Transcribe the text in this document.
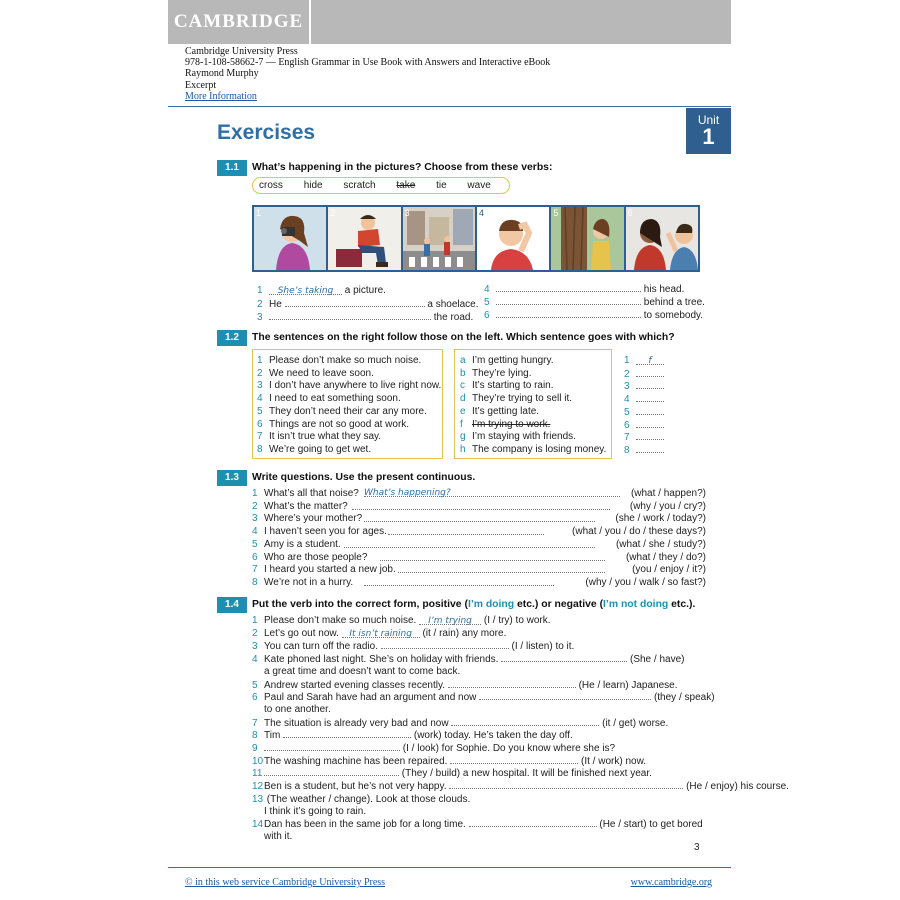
CAMBRIDGE
Cambridge University Press
978-1-108-58662-7 — English Grammar in Use Book with Answers and Interactive eBook
Raymond Murphy
Excerpt
More Information
Exercises
Unit
1
1.1	What’s happening in the pictures? Choose from these verbs:
cross hide scratch take tie wave
1	2	3	4	5	6
1 She’s taking a picture.
2 He	a shoelace.
3	the road.
4	his head.
5	behind a tree.
6	to somebody.
1.2	The sentences on the right follow those on the left. Which sentence goes with which?
1 Please don’t make so much noise.
2 We need to leave soon.
3 I don’t have anywhere to live right now.
4 I need to eat something soon.
5 They don’t need their car any more.
6 Things are not so good at work.
7 It isn’t true what they say.
8 We’re going to get wet.
a I’m getting hungry.
b They’re lying.
c It’s starting to rain.
d They’re trying to sell it.
e It’s getting late.
f I’m trying to work.
g I’m staying with friends.
h The company is losing money.
1 f
2
3
4
5
6
7
8
1.3	Write questions. Use the present continuous.
1 What’s all that noise?	(what / happen?)
What’s happening?
2 What’s the matter?	(why / you / cry?)
3 Where’s your mother?	(she / work / today?)
4 I haven’t seen you for ages.	(what / you / do / these days?)
5 Amy is a student.	(what / she / study?)
6 Who are those people?	(what / they / do?)
7 I heard you started a new job.	(you / enjoy / it?)
8 We’re not in a hurry.	(why / you / walk / so fast?)
1.4	Put the verb into the correct form, positive (I’m doing etc.) or negative (I’m not doing etc.).
1 Please don’t make so much noise. I’m trying (I / try) to work.
2 Let’s go out now. It isn’t raining (it / rain) any more.
3 You can turn off the radio.	(I / listen) to it.
4 Kate phoned last night. She’s on holiday with friends.	(She / have)
a great time and doesn’t want to come back.
5 Andrew started evening classes recently.	(He / learn) Japanese.
6 Paul and Sarah have had an argument and now	(they / speak)
to one another.
7 The situation is already very bad and now	(it / get) worse.
8 Tim	(work) today. He’s taken the day off.
9	(I / look) for Sophie. Do you know where she is?
10The washing machine has been repaired.	(It / work) now.
11	(They / build) a new hospital. It will be finished next year.
12Ben is a student, but he’s not very happy.	(He / enjoy) his course.
13 (The weather / change). Look at those clouds.
I think it’s going to rain.
14Dan has been in the same job for a long time.	(He / start) to get bored
with it.
3
© in this web service Cambridge University Press	www.cambridge.org
